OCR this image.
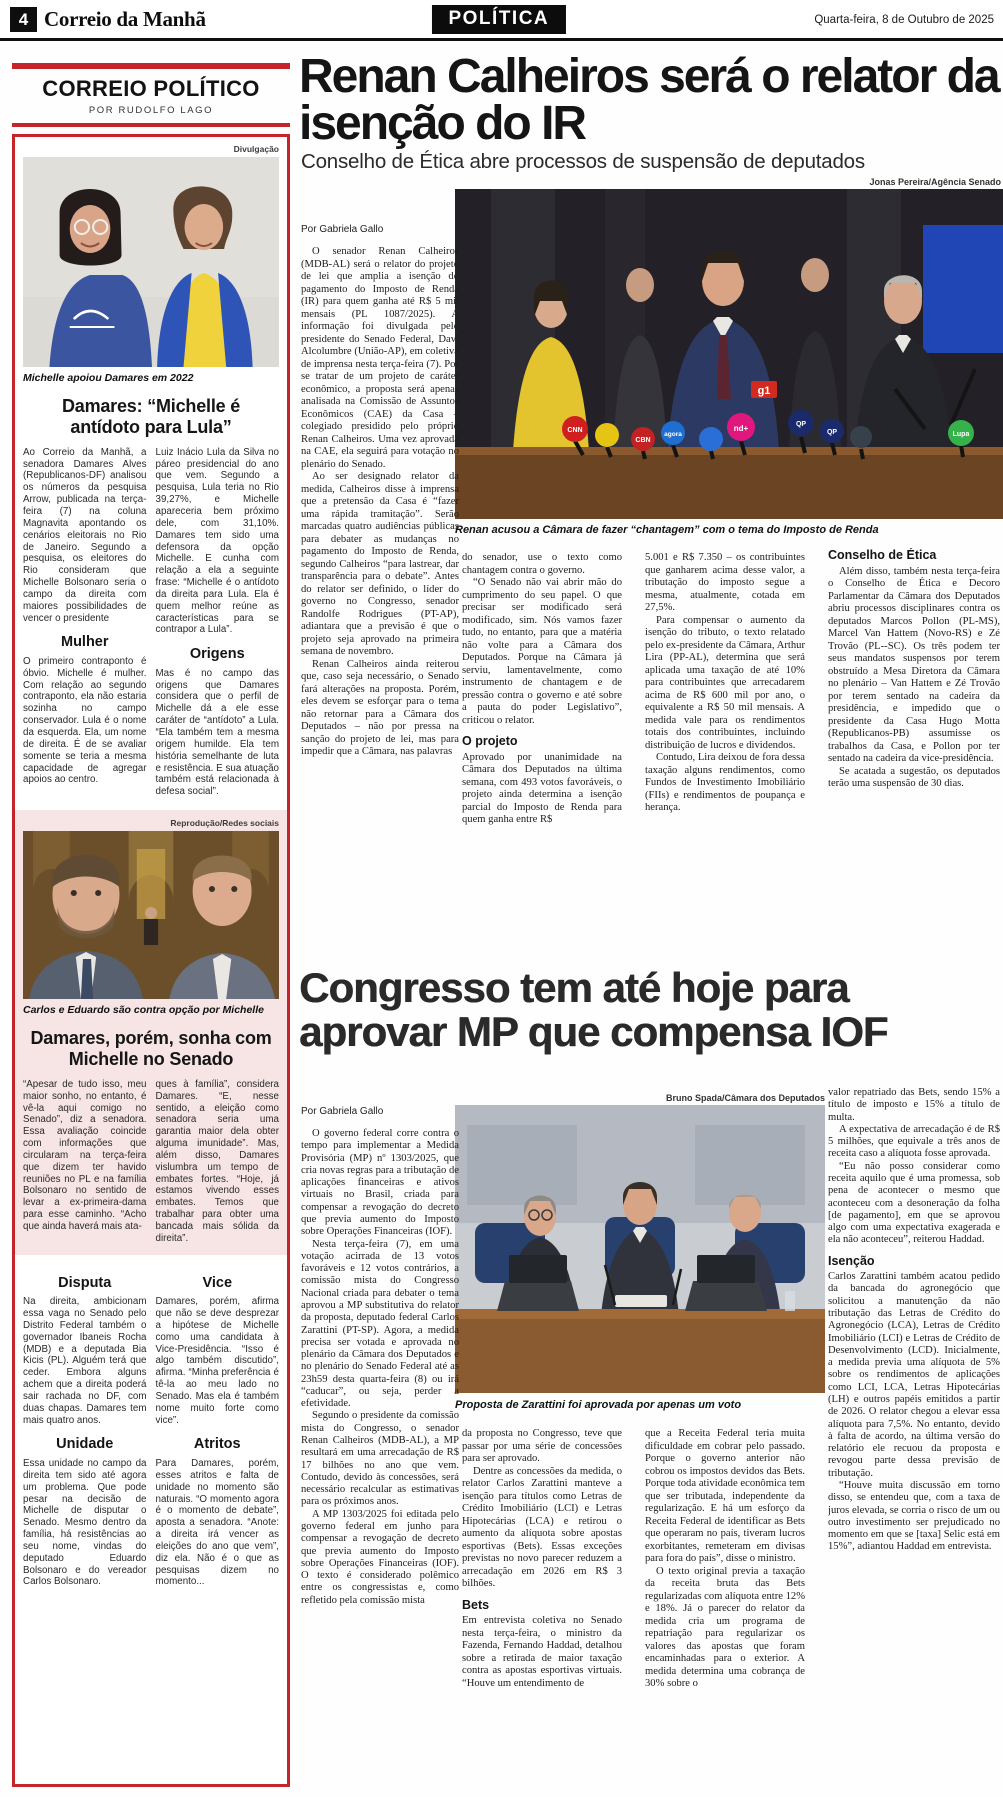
4 Correio da Manhã	POLÍTICA	Quarta-feira, 8 de Outubro de 2025
CORREIO POLÍTICO
POR RUDOLFO LAGO
Divulgação
Michelle apoiou Damares em 2022
Damares: “Michelle é antídoto para Lula”

Ao Correio da Manhã, a senadora Damares Alves (Republicanos-DF) analisou os números da pesquisa Arrow, publicada na terça-feira (7) na coluna Magnavita apontando os cenários eleitorais no Rio de Janeiro. Segundo a pesquisa, os eleitores do Rio consideram que Michelle Bolsonaro seria o campo da direita com maiores possibilidades de vencer o presidente

Mulher

O primeiro contraponto é óbvio. Michelle é mulher. Com relação ao segundo contraponto, ela não estaria sozinha no campo conservador. Lula é o nome da esquerda. Ela, um nome de direita. É de se avaliar somente se teria a mesma capacidade de agregar apoios ao centro.

Luiz Inácio Lula da Silva no páreo presidencial do ano que vem. Segundo a pesquisa, Lula teria no Rio 39,27%, e Michelle apareceria bem próximo dele, com 31,10%. Damares tem sido uma defensora da opção Michelle. E cunha com relação a ela a seguinte frase: “Michelle é o antídoto da direita para Lula. Ela é quem melhor reúne as características para se contrapor a Lula”.

Origens

Mas é no campo das origens que Damares considera que o perfil de Michelle dá a ele esse caráter de “antídoto” a Lula. “Ela também tem a mesma origem humilde. Ela tem história semelhante de luta e resistência. E sua atuação também está relacionada à defesa social”.

Reprodução/Redes sociais
Carlos e Eduardo são contra opção por Michelle
Damares, porém, sonha com Michelle no Senado

“Apesar de tudo isso, meu maior sonho, no entanto, é vê-la aqui comigo no Senado”, diz a senadora. Essa avaliação coincide com informações que circularam na terça-feira que dizem ter havido reuniões no PL e na família Bolsonaro no sentido de levar a ex-primeira-dama para esse caminho. “Acho que ainda haverá mais ata-

ques à família”, considera Damares. “E, nesse sentido, a eleição como senadora seria uma garantia maior dela obter alguma imunidade”. Mas, além disso, Damares vislumbra um tempo de embates fortes. “Hoje, já estamos vivendo esses embates. Temos que trabalhar para obter uma bancada mais sólida da direita”.

Disputa

Na direita, ambicionam essa vaga no Senado pelo Distrito Federal também o governador Ibaneis Rocha (MDB) e a deputada Bia Kicis (PL). Alguém terá que ceder. Embora alguns achem que a direita poderá sair rachada no DF, com duas chapas. Damares tem mais quatro anos.

Unidade

Essa unidade no campo da direita tem sido até agora um problema. Que pode pesar na decisão de Michelle de disputar o Senado. Mesmo dentro da família, há resistências ao seu nome, vindas do deputado Eduardo Bolsonaro e do vereador Carlos Bolsonaro.

Vice

Damares, porém, afirma que não se deve desprezar a hipótese de Michelle como uma candidata à Vice-Presidência. “Isso é algo também discutido”, afirma. “Minha preferência é tê-la ao meu lado no Senado. Mas ela é também nome muito forte como vice”.

Atritos

Para Damares, porém, esses atritos e falta de unidade no momento são naturais. “O momento agora é o momento de debate”, aposta a senadora. “Anote: a direita irá vencer as eleições do ano que vem”, diz ela. Não é o que as pesquisas dizem no momento...

Renan Calheiros será o relator da isenção do IR
Conselho de Ética abre processos de suspensão de deputados
Jonas Pereira/Agência Senado
Por Gabriela Gallo
g1
CNN
CBN
agora
nd+	QP
QP	Lupa
Renan acusou a Câmara de fazer “chantagem” com o tema do Imposto de Renda

O senador Renan Calheiros (MDB-AL) será o relator do projeto de lei que amplia a isenção do pagamento do Imposto de Renda (IR) para quem ganha até R$ 5 mil mensais (PL 1087/2025). A informação foi divulgada pelo presidente do Senado Federal, Davi Alcolumbre (União-AP), em coletiva de imprensa nesta terça-feira (7). Por se tratar de um projeto de caráter econômico, a proposta será apenas analisada na Comissão de Assuntos Econômicos (CAE) da Casa – colegiado presidido pelo próprio Renan Calheiros. Uma vez aprovada na CAE, ela seguirá para votação no plenário do Senado.

Ao ser designado relator da medida, Calheiros disse à imprensa que a pretensão da Casa é “fazer uma rápida tramitação”. Serão marcadas quatro audiências públicas para debater as mudanças no pagamento do Imposto de Renda, segundo Calheiros “para lastrear, dar transparência para o debate”. Antes do relator ser definido, o líder do governo no Congresso, senador Randolfe Rodrigues (PT-AP), adiantara que a previsão é que o projeto seja aprovado na primeira semana de novembro.

Renan Calheiros ainda reiterou que, caso seja necessário, o Senado fará alterações na proposta. Porém, eles devem se esforçar para o tema não retornar para a Câmara dos Deputados – não por pressa na sanção do projeto de lei, mas para impedir que a Câmara, nas palavras

do senador, use o texto como chantagem contra o governo.

“O Senado não vai abrir mão do cumprimento do seu papel. O que precisar ser modificado será modificado, sim. Nós vamos fazer tudo, no entanto, para que a matéria não volte para a Câmara dos Deputados. Porque na Câmara já serviu, lamentavelmente, como instrumento de chantagem e de pressão contra o governo e até sobre a pauta do poder Legislativo”, criticou o relator.

O projeto

Aprovado por unanimidade na Câmara dos Deputados na última semana, com 493 votos favoráveis, o projeto ainda determina a isenção parcial do Imposto de Renda para quem ganha entre R$

5.001 e R$ 7.350 – os contribuintes que ganharem acima desse valor, a tributação do imposto segue a mesma, atualmente, cotada em 27,5%.

Para compensar o aumento da isenção do tributo, o texto relatado pelo ex-presidente da Câmara, Arthur Lira (PP-AL), determina que será aplicada uma taxação de até 10% para contribuintes que arrecadarem acima de R$ 600 mil por ano, o equivalente a R$ 50 mil mensais. A medida vale para os rendimentos totais dos contribuintes, incluindo distribuição de lucros e dividendos.

Contudo, Lira deixou de fora dessa taxação alguns rendimentos, como Fundos de Investimento Imobiliário (FIIs) e rendimentos de poupança e herança.

Conselho de Ética

Além disso, também nesta terça-feira o Conselho de Ética e Decoro Parlamentar da Câmara dos Deputados abriu processos disciplinares contra os deputados Marcos Pollon (PL-MS), Marcel Van Hattem (Novo-RS) e Zé Trovão (PL--SC). Os três podem ter seus mandatos suspensos por terem obstruído a Mesa Diretora da Câmara no plenário – Van Hattem e Zé Trovão por terem sentado na cadeira da presidência, e impedido que o presidente da Casa Hugo Motta (Republicanos-PB) assumisse os trabalhos da Casa, e Pollon por ter sentado na cadeira da vice-presidência.

Se acatada a sugestão, os deputados terão uma suspensão de 30 dias.

Congresso tem até hoje para aprovar MP que compensa IOF
Bruno Spada/Câmara dos Deputados
Por Gabriela Gallo
Proposta de Zarattini foi aprovada por apenas um voto

O governo federal corre contra o tempo para implementar a Medida Provisória (MP) nº 1303/2025, que cria novas regras para a tributação de aplicações financeiras e ativos virtuais no Brasil, criada para compensar a revogação do decreto que previa aumento do Imposto sobre Operações Financeiras (IOF).

Nesta terça-feira (7), em uma votação acirrada de 13 votos favoráveis e 12 votos contrários, a comissão mista do Congresso Nacional criada para debater o tema aprovou a MP substitutiva do relator da proposta, deputado federal Carlos Zarattini (PT-SP). Agora, a medida precisa ser votada e aprovada no plenário da Câmara dos Deputados e no plenário do Senado Federal até as 23h59 desta quarta-feira (8) ou irá “caducar”, ou seja, perder a efetividade.

Segundo o presidente da comissão mista do Congresso, o senador Renan Calheiros (MDB-AL), a MP resultará em uma arrecadação de R$ 17 bilhões no ano que vem. Contudo, devido às concessões, será necessário recalcular as estimativas para os próximos anos.

A MP 1303/2025 foi editada pelo governo federal em junho para compensar a revogação de decreto que previa aumento do Imposto sobre Operações Financeiras (IOF). O texto é considerado polêmico entre os congressistas e, como refletido pela comissão mista

da proposta no Congresso, teve que passar por uma série de concessões para ser aprovado.

Dentre as concessões da medida, o relator Carlos Zarattini manteve a isenção para títulos como Letras de Crédito Imobiliário (LCI) e Letras Hipotecárias (LCA) e retirou o aumento da alíquota sobre apostas esportivas (Bets). Essas exceções previstas no novo parecer reduzem a arrecadação em 2026 em R$ 3 bilhões.

Bets

Em entrevista coletiva no Senado nesta terça-feira, o ministro da Fazenda, Fernando Haddad, detalhou sobre a retirada de maior taxação contra as apostas esportivas virtuais. “Houve um entendimento de

que a Receita Federal teria muita dificuldade em cobrar pelo passado. Porque o governo anterior não cobrou os impostos devidos das Bets. Porque toda atividade econômica tem que ser tributada, independente da regularização. E há um esforço da Receita Federal de identificar as Bets que operaram no país, tiveram lucros exorbitantes, remeteram em divisas para fora do país”, disse o ministro.

O texto original previa a taxação da receita bruta das Bets regularizadas com alíquota entre 12% e 18%. Já o parecer do relator da medida cria um programa de repatriação para regularizar os valores das apostas que foram encaminhadas para o exterior. A medida determina uma cobrança de 30% sobre o

valor repatriado das Bets, sendo 15% a título de imposto e 15% a título de multa.

A expectativa de arrecadação é de R$ 5 milhões, que equivale a três anos de receita caso a alíquota fosse aprovada.

“Eu não posso considerar como receita aquilo que é uma promessa, sob pena de acontecer o mesmo que aconteceu com a desoneração da folha [de pagamento], em que se aprovou algo com uma expectativa exagerada e ela não aconteceu”, reiterou Haddad.

Isenção

Carlos Zarattini também acatou pedido da bancada do agronegócio que solicitou a manutenção da não tributação das Letras de Crédito do Agronegócio (LCA), Letras de Crédito Imobiliário (LCI) e Letras de Crédito de Desenvolvimento (LCD). Inicialmente, a medida previa uma alíquota de 5% sobre os rendimentos de aplicações como LCI, LCA, Letras Hipotecárias (LH) e outros papéis emitidos a partir de 2026. O relator chegou a elevar essa alíquota para 7,5%. No entanto, devido à falta de acordo, na última versão do relatório ele recuou da proposta e revogou parte dessa previsão de tributação.

“Houve muita discussão em torno disso, se entendeu que, com a taxa de juros elevada, se corria o risco de um ou outro investimento ser prejudicado no momento em que se [taxa] Selic está em 15%”, adiantou Haddad em entrevista.
